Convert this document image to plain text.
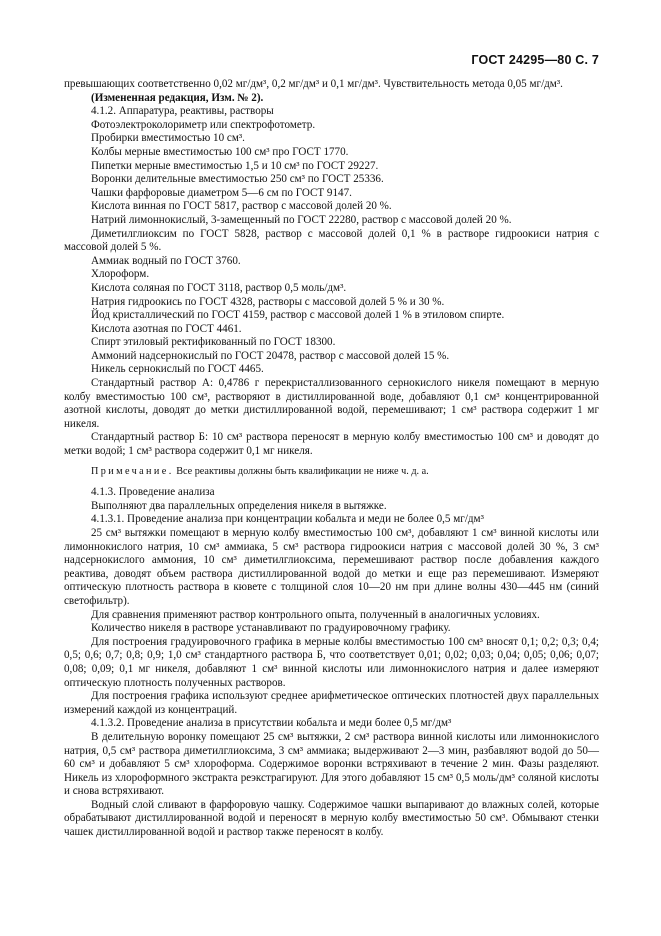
ГОСТ 24295—80 С. 7

превышающих соответственно 0,02 мг/дм³, 0,2 мг/дм³ и 0,1 мг/дм³. Чувствительность метода 0,05 мг/дм³.

(Измененная редакция, Изм. № 2).

4.1.2. Аппаратура, реактивы, растворы

Фотоэлектроколориметр или спектрофотометр.

Пробирки вместимостью 10 см³.

Колбы мерные вместимостью 100 см³ про ГОСТ 1770.

Пипетки мерные вместимостью 1,5 и 10 см³ по ГОСТ 29227.

Воронки делительные вместимостью 250 см³ по ГОСТ 25336.

Чашки фарфоровые диаметром 5—6 см по ГОСТ 9147.

Кислота винная по ГОСТ 5817, раствор с массовой долей 20 %.

Натрий лимоннокислый, 3-замещенный по ГОСТ 22280, раствор с массовой долей 20 %.

Диметилглиоксим по ГОСТ 5828, раствор с массовой долей 0,1 % в растворе гидроокиси натрия с массовой долей 5 %.

Аммиак водный по ГОСТ 3760.

Хлороформ.

Кислота соляная по ГОСТ 3118, раствор 0,5 моль/дм³.

Натрия гидроокись по ГОСТ 4328, растворы с массовой долей 5 % и 30 %.

Йод кристаллический по ГОСТ 4159, раствор с массовой долей 1 % в этиловом спирте.

Кислота азотная по ГОСТ 4461.

Спирт этиловый ректификованный по ГОСТ 18300.

Аммоний надсернокислый по ГОСТ 20478, раствор с массовой долей 15 %.

Никель сернокислый по ГОСТ 4465.

Стандартный раствор А: 0,4786 г перекристаллизованного сернокислого никеля помещают в мерную колбу вместимостью 100 см³, растворяют в дистиллированной воде, добавляют 0,1 см³ концентрированной азотной кислоты, доводят до метки дистиллированной водой, перемешивают; 1 см³ раствора содержит 1 мг никеля.

Стандартный раствор Б: 10 см³ раствора переносят в мерную колбу вместимостью 100 см³ и доводят до метки водой; 1 см³ раствора содержит 0,1 мг никеля.

Примечание. Все реактивы должны быть квалификации не ниже ч. д. а.

4.1.3. Проведение анализа

Выполняют два параллельных определения никеля в вытяжке.

4.1.3.1. Проведение анализа при концентрации кобальта и меди не более 0,5 мг/дм³

25 см³ вытяжки помещают в мерную колбу вместимостью 100 см³, добавляют 1 см³ винной кислоты или лимоннокислого натрия, 10 см³ аммиака, 5 см³ раствора гидроокиси натрия с массовой долей 30 %, 3 см³ надсернокислого аммония, 10 см³ диметилглиоксима, перемешивают раствор после добавления каждого реактива, доводят объем раствора дистиллированной водой до метки и еще раз перемешивают. Измеряют оптическую плотность раствора в кювете с толщиной слоя 10—20 нм при длине волны 430—445 нм (синий светофильтр).

Для сравнения применяют раствор контрольного опыта, полученный в аналогичных условиях.

Количество никеля в растворе устанавливают по градуировочному графику.

Для построения градуировочного графика в мерные колбы вместимостью 100 см³ вносят 0,1; 0,2; 0,3; 0,4; 0,5; 0,6; 0,7; 0,8; 0,9; 1,0 см³ стандартного раствора Б, что соответствует 0,01; 0,02; 0,03; 0,04; 0,05; 0,06; 0,07; 0,08; 0,09; 0,1 мг никеля, добавляют 1 см³ винной кислоты или лимоннокислого натрия и далее измеряют оптическую плотность полученных растворов.

Для построения графика используют среднее арифметическое оптических плотностей двух параллельных измерений каждой из концентраций.

4.1.3.2. Проведение анализа в присутствии кобальта и меди более 0,5 мг/дм³

В делительную воронку помещают 25 см³ вытяжки, 2 см³ раствора винной кислоты или лимоннокислого натрия, 0,5 см³ раствора диметилглиоксима, 3 см³ аммиака; выдерживают 2—3 мин, разбавляют водой до 50—60 см³ и добавляют 5 см³ хлороформа. Содержимое воронки встряхивают в течение 2 мин. Фазы разделяют. Никель из хлороформного экстракта реэкстрагируют. Для этого добавляют 15 см³ 0,5 моль/дм³ соляной кислоты и снова встряхивают.

Водный слой сливают в фарфоровую чашку. Содержимое чашки выпаривают до влажных солей, которые обрабатывают дистиллированной водой и переносят в мерную колбу вместимостью 50 см³. Обмывают стенки чашек дистиллированной водой и раствор также переносят в колбу.
